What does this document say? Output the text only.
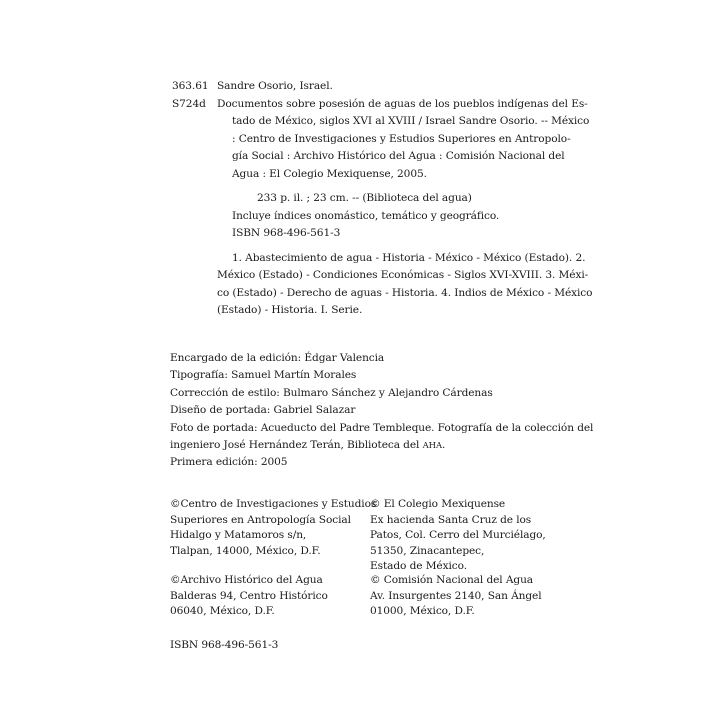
363.61
S724d
Sandre Osorio, Israel.
Documentos sobre posesión de aguas de los pueblos indígenas del Es-
tado de México, siglos XVI al XVIII / Israel Sandre Osorio. -- México
: Centro de Investigaciones y Estudios Superiores en Antropolo-
gía Social : Archivo Histórico del Agua : Comisión Nacional del
Agua : El Colegio Mexiquense, 2005.
233 p. il. ; 23 cm. -- (Biblioteca del agua)
Incluye índices onomástico, temático y geográfico.
ISBN 968-496-561-3
1. Abastecimiento de agua - Historia - México - México (Estado). 2.
México (Estado) - Condiciones Económicas - Siglos XVI-XVIII. 3. Méxi-
co (Estado) - Derecho de aguas - Historia. 4. Indios de México - México
(Estado) - Historia. I. Serie.
Encargado de la edición: Édgar Valencia
Tipografía: Samuel Martín Morales
Corrección de estilo: Bulmaro Sánchez y Alejandro Cárdenas
Diseño de portada: Gabriel Salazar
Foto de portada: Acueducto del Padre Tembleque. Fotografía de la colección del
ingeniero José Hernández Terán, Biblioteca del AHA.
Primera edición: 2005
©Centro de Investigaciones y Estudios
Superiores en Antropología Social
Hidalgo y Matamoros s/n,
Tlalpan, 14000, México, D.F.
© El Colegio Mexiquense
Ex hacienda Santa Cruz de los
Patos, Col. Cerro del Murciélago,
51350, Zinacantepec,
Estado de México.
©Archivo Histórico del Agua
Balderas 94, Centro Histórico
06040, México, D.F.
© Comisión Nacional del Agua
Av. Insurgentes 2140, San Ángel
01000, México, D.F.
ISBN 968-496-561-3
